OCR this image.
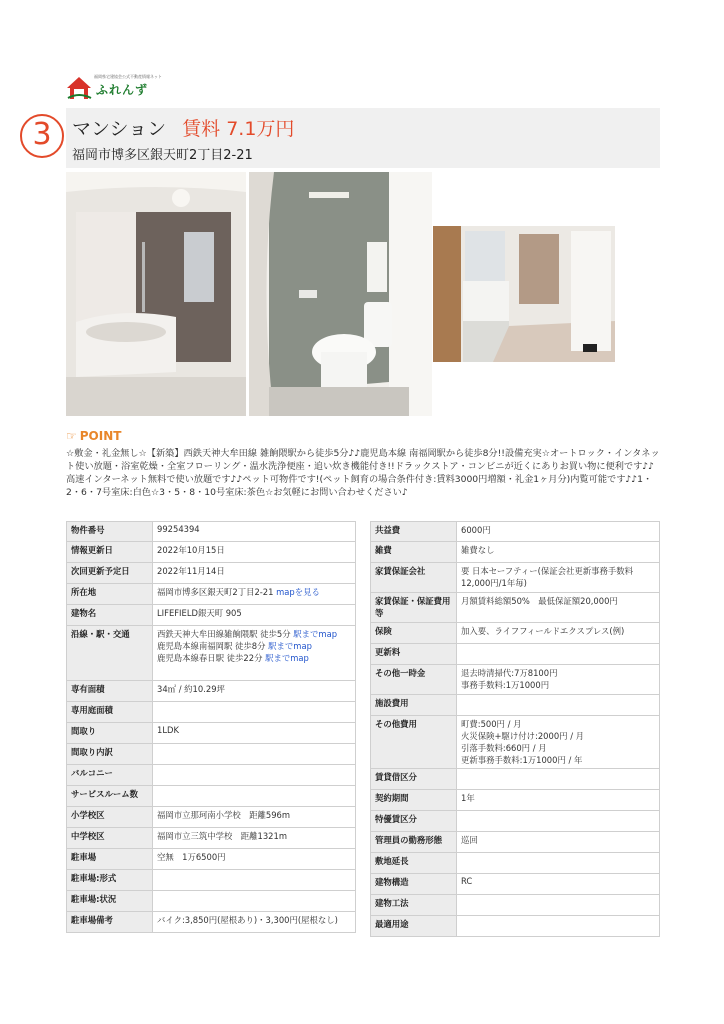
福岡県宅建協会公式不動産情報ネット
ふれんず
3	マンション 賃料 7.1万円
福岡市博多区銀天町2丁目2-21
☞ POINT
☆敷金・礼金無し☆【新築】西鉄天神大牟田線 雑餉隈駅から徒歩5分♪♪鹿児島本線 南福岡駅から徒歩8分!!設備充実☆オートロック・インタネット使い放題・浴室乾燥・全室フローリング・温水洗浄便座・追い炊き機能付き!!ドラックストア・コンビニが近くにありお買い物に便利です♪♪高速インターネット無料で使い放題です♪♪ペット可物件です!(ペット飼育の場合条件付き:賃料3000円増額・礼金1ヶ月分)内覧可能です♪♪1・2・6・7号室床:白色☆3・5・8・10号室床:茶色☆お気軽にお問い合わせください♪
物件番号	99254394

情報更新日	2022年10月15日

次回更新予定日	2022年11月14日

所在地	福岡市博多区銀天町2丁目2-21 mapを見る

建物名	LIFEFIELD銀天町 905

沿線・駅・交通	西鉄天神大牟田線雑餉隈駅 徒歩5分 駅までmap
鹿児島本線南福岡駅 徒歩8分 駅までmap
鹿児島本線春日駅 徒歩22分 駅までmap

専有面積	34㎡ / 約10.29坪

専用庭面積	

間取り	1LDK

間取り内訳	

バルコニー	

サービスルーム数	

小学校区	福岡市立那珂南小学校　距離596m

中学校区	福岡市立三筑中学校　距離1321m

駐車場	空無　1万6500円

駐車場:形式	

駐車場:状況	

駐車場備考	バイク:3,850円(屋根あり)・3,300円(屋根なし)
共益費	6000円

雑費	雑費なし

家賃保証会社	要 日本セーフティー(保証会社更新事務手数料12,000円/1年毎)

家賃保証・保証費用等	月額賃料総額50%　最低保証額20,000円

保険	加入要、ライフフィールドエクスプレス(例)

更新料	

その他一時金	退去時清掃代:7万8100円
事務手数料:1万1000円

施設費用	

その他費用	町費:500円 / 月
火災保険+駆け付け:2000円 / 月
引落手数料:660円 / 月
更新事務手数料:1万1000円 / 年

賃貸借区分	

契約期間	1年

特優賃区分	

管理員の勤務形態	巡回

敷地延長	

建物構造	RC

建物工法	

最適用途	
